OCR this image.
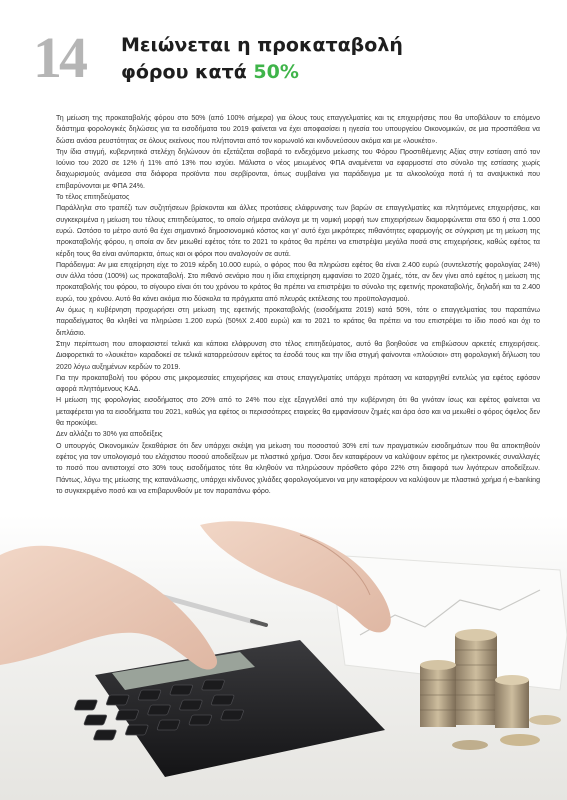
14 Μειώνεται η προκαταβολή
φόρου κατά 50%

Τη μείωση της προκαταβολής φόρου στο 50% (από 100% σήμερα) για όλους τους επαγγελματίες και τις επιχειρήσεις που θα υποβάλουν το επόμενο διάστημα φορολογικές δηλώσεις για τα εισοδήματα του 2019 φαίνεται να έχει αποφασίσει η ηγεσία του υπουργείου Οικονομικών, σε μια προσπάθεια να δώσει ανάσα ρευστότητας σε όλους εκείνους που πλήττονται από τον κορωνοϊό και κινδυνεύσουν ακόμα και με «λουκέτο».

Την ίδια στιγμή, κυβερνητικά στελέχη δηλώνουν ότι εξετάζεται σοβαρά το ενδεχόμενο μείωσης του Φόρου Προστιθέμενης Αξίας στην εστίαση από τον Ιούνιο του 2020 σε 12% ή 11% από 13% που ισχύει. Μάλιστα ο νέος μειωμένος ΦΠΑ αναμένεται να εφαρμοστεί στο σύνολο της εστίασης χωρίς διαχωρισμούς ανάμεσα στα διάφορα προϊόντα που σερβίρονται, όπως συμβαίνει για παράδειγμα με τα αλκοολούχα ποτά ή τα αναψυκτικά που επιβαρύνονται με ΦΠΑ 24%.

Το τέλος επιτηδεύματος

Παράλληλα στο τραπέζι των συζητήσεων βρίσκονται και άλλες προτάσεις ελάφρυνσης των βαρών σε επαγγελματίες και πληττόμενες επιχειρήσεις, και συγκεκριμένα η μείωση του τέλους επιτηδεύματος, το οποίο σήμερα ανάλογα με τη νομική μορφή των επιχειρήσεων διαμορφώνεται στα 650 ή στα 1.000 ευρώ. Ωστόσο το μέτρο αυτό θα έχει σημαντικό δημοσιονομικό κόστος και γι' αυτό έχει μικρότερες πιθανότητες εφαρμογής σε σύγκριση με τη μείωση της προκαταβολής φόρου, η οποία αν δεν μειωθεί εφέτος τότε το 2021 το κράτος θα πρέπει να επιστρέψει μεγάλα ποσά στις επιχειρήσεις, καθώς εφέτος τα κέρδη τους θα είναι ανύπαρκτα, όπως και οι φόροι που αναλογούν σε αυτά.

Παράδειγμα: Αν μια επιχείρηση είχε το 2019 κέρδη 10.000 ευρώ, ο φόρος που θα πληρώσει εφέτος θα είναι 2.400 ευρώ (συντελεστής φορολογίας 24%) συν άλλα τόσα (100%) ως προκαταβολή. Στο πιθανό σενάριο που η ίδια επιχείρηση εμφανίσει το 2020 ζημιές, τότε, αν δεν γίνει από εφέτος η μείωση της προκαταβολής του φόρου, το σίγουρο είναι ότι του χρόνου το κράτος θα πρέπει να επιστρέψει το σύνολο της εφετινής προκαταβολής, δηλαδή και τα 2.400 ευρώ, του χρόνου. Αυτό θα κάνει ακόμα πιο δύσκολα τα πράγματα από πλευράς εκτέλεσης του προϋπολογισμού.

Αν όμως η κυβέρνηση προχωρήσει στη μείωση της εφετινής προκαταβολής (εισοδήματα 2019) κατά 50%, τότε ο επαγγελματίας του παραπάνω παραδείγματος θα κληθεί να πληρώσει 1.200 ευρώ (50%Χ 2.400 ευρώ) και το 2021 το κράτος θα πρέπει να του επιστρέψει το ίδιο ποσό και όχι το διπλάσιο.

Στην περίπτωση που αποφασιστεί τελικά και κάποια ελάφρυνση στο τέλος επιτηδεύματος, αυτό θα βοηθούσε να επιβιώσουν αρκετές επιχειρήσεις. Διαφορετικά το «λουκέτο» καραδοκεί σε τελικά καταρρεύσουν εφέτος τα έσοδά τους και την ίδια στιγμή φαίνονται «πλούσιοι» στη φορολογική δήλωση του 2020 λόγω αυξημένων κερδών το 2019.

Για την προκαταβολή του φόρου στις μικρομεσαίες επιχειρήσεις και στους επαγγελματίες υπάρχει πρόταση να καταργηθεί εντελώς για εφέτος εφόσον αφορά πληττόμενους ΚΑΔ.

Η μείωση της φορολογίας εισοδήματος στο 20% από το 24% που είχε εξαγγελθεί από την κυβέρνηση ότι θα γινόταν ίσως και εφέτος φαίνεται να μεταφέρεται για τα εισοδήματα του 2021, καθώς για εφέτος οι περισσότερες εταιρείες θα εμφανίσουν ζημιές και άρα όσο και να μειωθεί ο φόρος όφελος δεν θα προκύψει.

Δεν αλλάζει το 30% για αποδείξεις

Ο υπουργός Οικονομικών ξεκαθάρισε ότι δεν υπάρχει σκέψη για μείωση του ποσοστού 30% επί των πραγματικών εισοδημάτων που θα αποκτηθούν εφέτος για τον υπολογισμό του ελάχιστου ποσού αποδείξεων με πλαστικό χρήμα. Όσοι δεν καταφέρουν να καλύψουν εφέτος με ηλεκτρονικές συναλλαγές το ποσό που αντιστοιχεί στο 30% τους εισοδήματος τότε θα κληθούν να πληρώσουν πρόσθετο φόρο 22% στη διαφορά των λιγότερων αποδείξεων. Πάντως, λόγω της μείωσης της κατανάλωσης, υπάρχει κίνδυνος χιλιάδες φορολογούμενοι να μην καταφέρουν να καλύψουν με πλαστικό χρήμα ή e-banking το συγκεκριμένο ποσό και να επιβαρυνθούν με τον παραπάνω φόρο.
